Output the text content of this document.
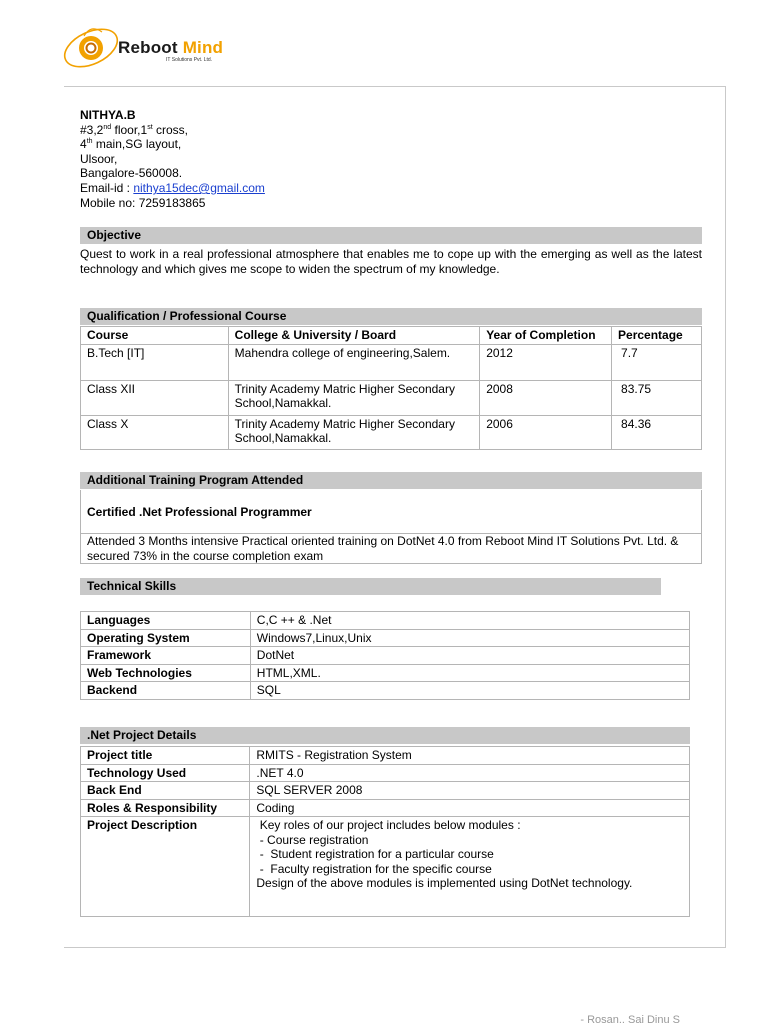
Reboot Mind
IT Solutions Pvt. Ltd.
NITHYA.B
#3,2nd floor,1st cross,
4th main,SG layout,
Ulsoor,
Bangalore-560008.
Email-id : nithya15dec@gmail.com
Mobile no: 7259183865
Objective
Quest to work in a real professional atmosphere that enables me to cope up with the emerging as well as the latest technology and which gives me scope to widen the spectrum of my knowledge.
Qualification / Professional Course
Course	College & University / Board	Year of Completion	Percentage
B.Tech [IT]	Mahendra college of engineering,Salem.	2012	7.7
Class XII	Trinity Academy Matric Higher Secondary School,Namakkal.	2008	83.75
Class X	Trinity Academy Matric Higher Secondary School,Namakkal.	2006	84.36
Additional Training Program Attended
Certified .Net Professional Programmer
Attended 3 Months intensive Practical oriented training on DotNet 4.0 from Reboot Mind IT Solutions Pvt. Ltd. & secured 73% in the course completion exam
Technical Skills
Languages	C,C ++ & .Net
Operating System	Windows7,Linux,Unix
Framework	DotNet
Web Technologies	HTML,XML.
Backend	SQL
.Net Project Details
Project title	RMITS - Registration System
Technology Used	.NET 4.0
Back End	SQL SERVER 2008
Roles & Responsibility	Coding
Project Description	Key roles of our project includes below modules :
- Course registration
-  Student registration for a particular course
-  Faculty registration for the specific course
Design of the above modules is implemented using DotNet technology.
- Rosan.. Sai Dinu S
